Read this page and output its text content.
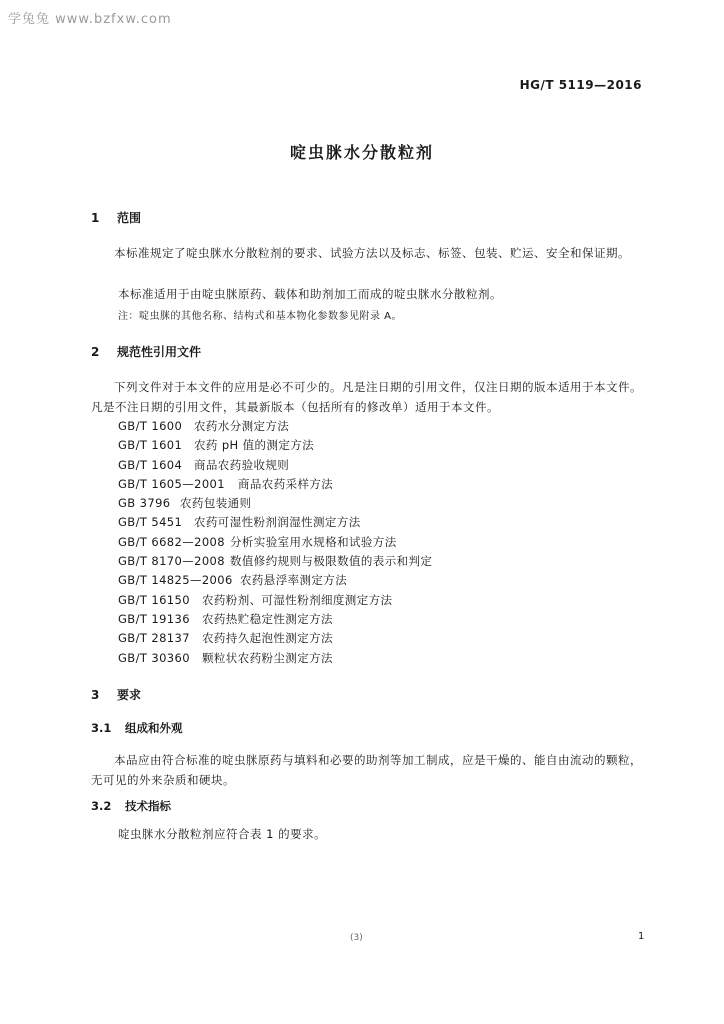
学兔兔 www.bzfxw.com
HG/T 5119—2016
啶虫脒水分散粒剂
1 范围
本标准规定了啶虫脒水分散粒剂的要求、试验方法以及标志、标签、包装、贮运、安全和保证期。
本标准适用于由啶虫脒原药、载体和助剂加工而成的啶虫脒水分散粒剂。
注：啶虫脒的其他名称、结构式和基本物化参数参见附录 A。
2 规范性引用文件
下列文件对于本文件的应用是必不可少的。凡是注日期的引用文件，仅注日期的版本适用于本文件。凡是不注日期的引用文件，其最新版本（包括所有的修改单）适用于本文件。
GB/T 1600 农药水分测定方法
GB/T 1601 农药 pH 值的测定方法
GB/T 1604 商品农药验收规则
GB/T 1605—2001 商品农药采样方法
GB 3796 农药包装通则
GB/T 5451 农药可湿性粉剂润湿性测定方法
GB/T 6682—2008 分析实验室用水规格和试验方法
GB/T 8170—2008 数值修约规则与极限数值的表示和判定
GB/T 14825—2006 农药悬浮率测定方法
GB/T 16150 农药粉剂、可湿性粉剂细度测定方法
GB/T 19136 农药热贮稳定性测定方法
GB/T 28137 农药持久起泡性测定方法
GB/T 30360 颗粒状农药粉尘测定方法
3 要求
3.1 组成和外观
本品应由符合标准的啶虫脒原药与填料和必要的助剂等加工制成，应是干燥的、能自由流动的颗粒，无可见的外来杂质和硬块。
3.2 技术指标
啶虫脒水分散粒剂应符合表 1 的要求。
(3)	1
